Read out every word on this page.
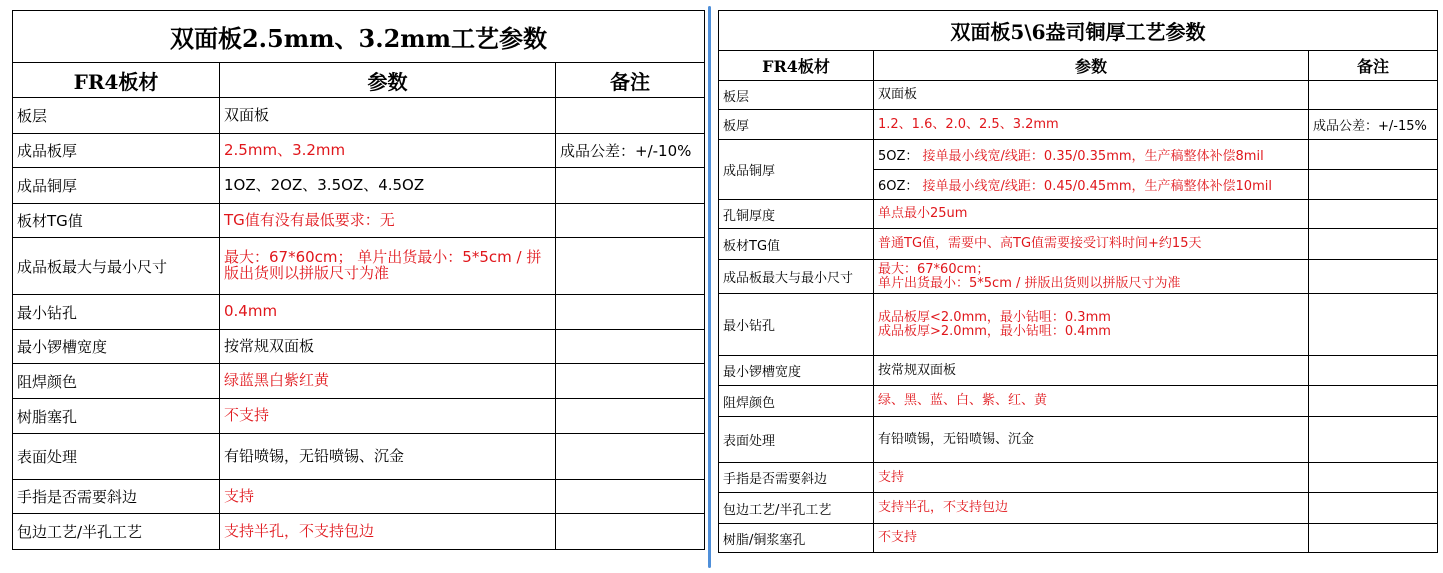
双面板2.5mm、3.2mm工艺参数		
FR4板材	参数	备注
板层	双面板	
成品板厚	2.5mm、3.2mm	成品公差：+/-10%
成品铜厚	1OZ、2OZ、3.5OZ、4.5OZ	
板材TG值	TG值有没有最低要求：无	
成品板最大与最小尺寸	最大：67*60cm； 单片出货最小：5*5cm / 拼版出货则以拼版尺寸为准	
最小钻孔	0.4mm	
最小锣槽宽度	按常规双面板	
阻焊颜色	绿蓝黑白紫红黄	
树脂塞孔	不支持	
表面处理	有铅喷锡，无铅喷锡、沉金	
手指是否需要斜边	支持	
包边工艺/半孔工艺	支持半孔，不支持包边	
双面板5\6盎司铜厚工艺参数		
FR4板材	参数	备注
板层	双面板	
板厚	1.2、1.6、2.0、2.5、3.2mm	成品公差：+/-15%
成品铜厚	5OZ： 接单最小线宽/线距：0.35/0.35mm，生产稿整体补偿8mil	
	6OZ： 接单最小线宽/线距：0.45/0.45mm，生产稿整体补偿10mil	
孔铜厚度	单点最小25um	
板材TG值	普通TG值，需要中、高TG值需要接受订料时间+约15天	
成品板最大与最小尺寸	最大：67*60cm；
单片出货最小：5*5cm / 拼版出货则以拼版尺寸为准	

最小钻孔	成品板厚<2.0mm，最小钻咀：0.3mm
成品板厚>2.0mm，最小钻咀：0.4mm	

最小锣槽宽度	按常规双面板	
阻焊颜色	绿、黑、蓝、白、紫、红、黄	
表面处理	有铅喷锡，无铅喷锡、沉金	
手指是否需要斜边	支持	
包边工艺/半孔工艺	支持半孔，不支持包边	
树脂/铜浆塞孔	不支持	
